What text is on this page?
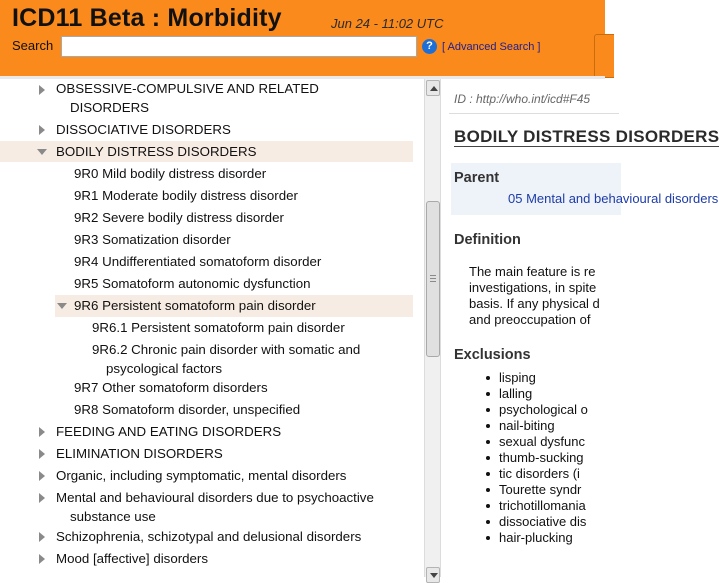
ICD11 Beta : Morbidity	Jun 24 - 11:02 UTC
Search	? [ Advanced Search ]
OBSESSIVE-COMPULSIVE AND RELATED
DISORDERS
DISSOCIATIVE DISORDERS
BODILY DISTRESS DISORDERS
9R0 Mild bodily distress disorder
9R1 Moderate bodily distress disorder
9R2 Severe bodily distress disorder
9R3 Somatization disorder
9R4 Undifferentiated somatoform disorder
9R5 Somatoform autonomic dysfunction
9R6 Persistent somatoform pain disorder
9R6.1 Persistent somatoform pain disorder
9R6.2 Chronic pain disorder with somatic and
psycological factors
9R7 Other somatoform disorders
9R8 Somatoform disorder, unspecified
FEEDING AND EATING DISORDERS
ELIMINATION DISORDERS
Organic, including symptomatic, mental disorders
Mental and behavioural disorders due to psychoactive
substance use
Schizophrenia, schizotypal and delusional disorders
Mood [affective] disorders
ID : http://who.int/icd#F45
BODILY DISTRESS DISORDERS
Parent
05 Mental and behavioural disorders
Definition
The main feature is re
investigations, in spite
basis. If any physical d
and preoccupation of
Exclusions
lisping
lalling
psychological o
nail-biting
sexual dysfunc
thumb-sucking
tic disorders (i
Tourette syndr
trichotillomania
dissociative dis
hair-plucking
